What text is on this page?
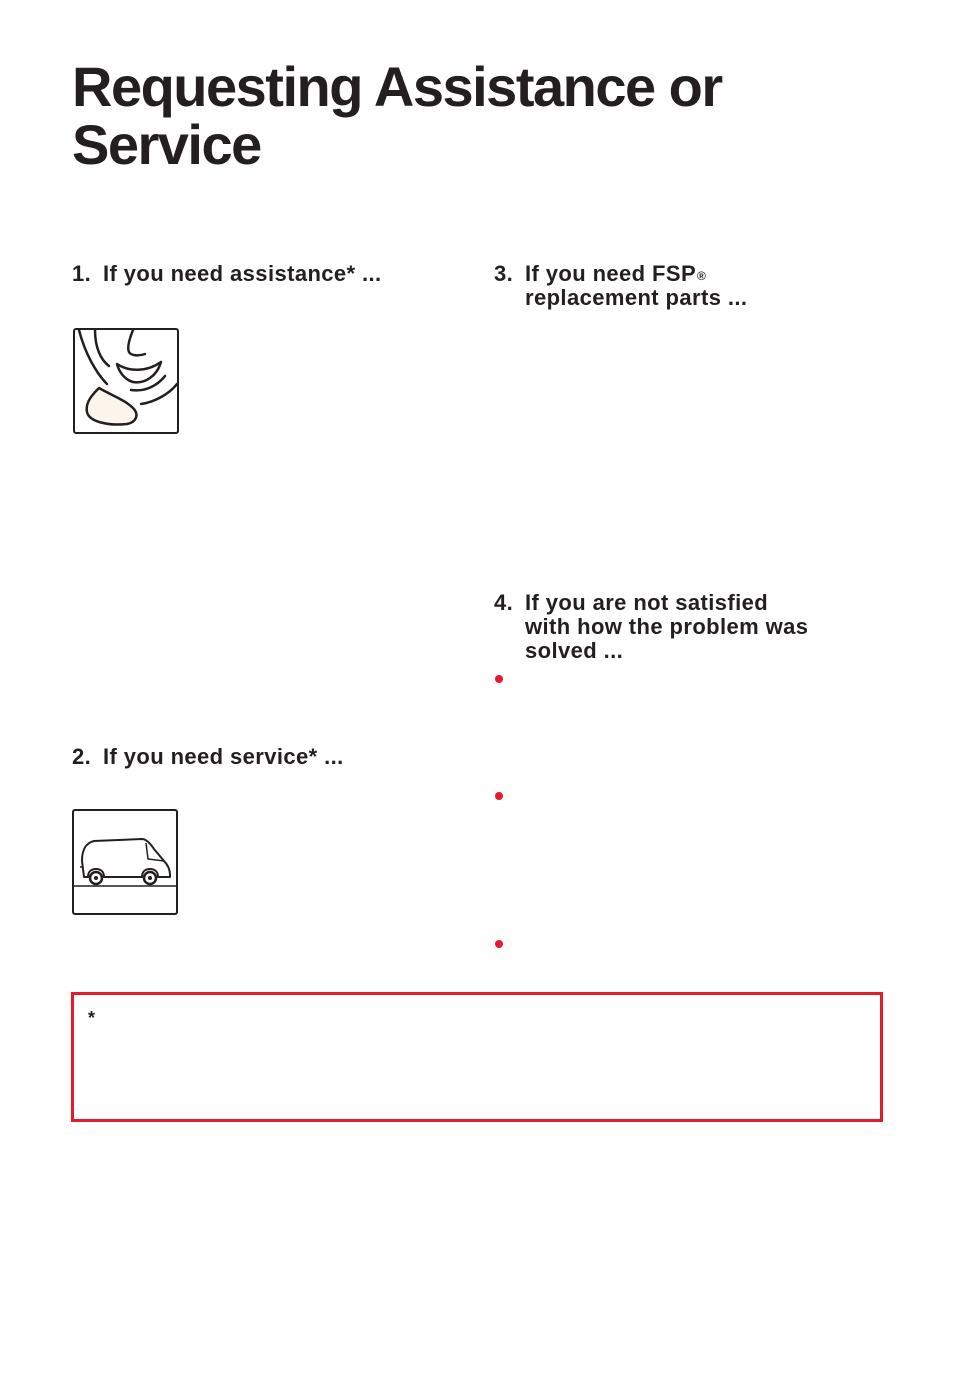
Requesting Assistance or Service
1. If you need assistance* ...
2. If you need service* ...
3. If you need FSP®
replacement parts ...
4. If you are not satisfied with how the problem was solved ...
*
